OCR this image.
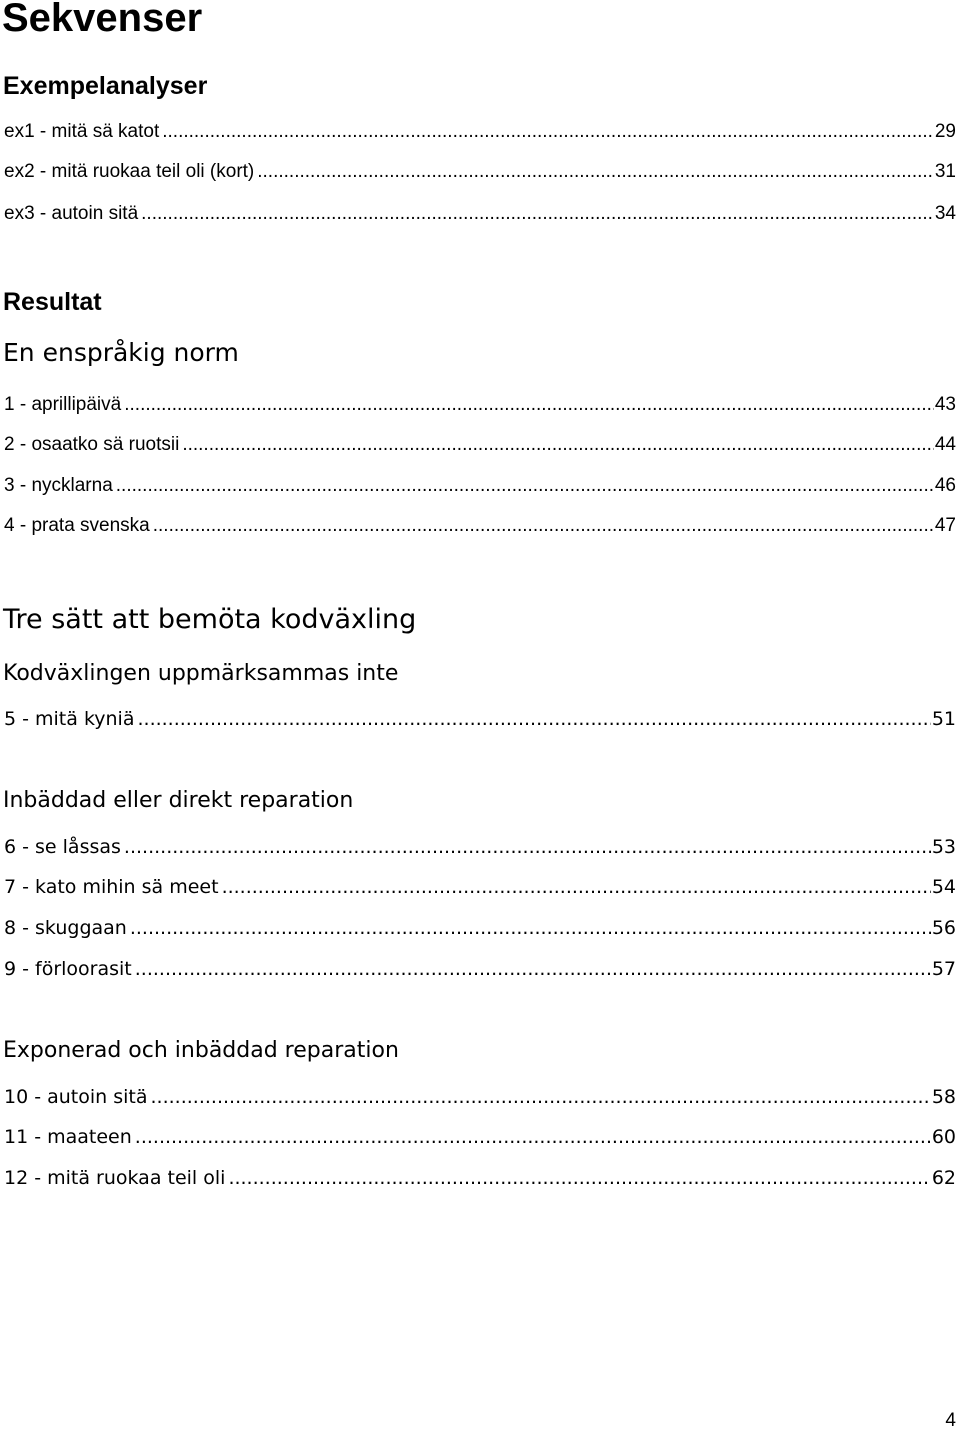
Sekvenser
Exempelanalyser
ex1 - mitä sä katot .....	29
ex2 - mitä ruokaa teil oli (kort) .....	31
ex3 - autoin sitä .....	34
Resultat
En enspråkig norm
1 - aprillipäivä .....	43
2 - osaatko sä ruotsii .....	44
3 - nycklarna .....	46
4 - prata svenska .....	47
Tre sätt att bemöta kodväxling
Kodväxlingen uppmärksammas inte
5 - mitä kyniä .....	51
Inbäddad eller direkt reparation
6 - se låssas .....	53
7 - kato mihin sä meet .....	54
8 - skuggaan .....	56
9 - förloorasit .....	57
Exponerad och inbäddad reparation
10 - autoin sitä .....	58
11 - maateen .....	60
12 - mitä ruokaa teil oli .....	62
4
